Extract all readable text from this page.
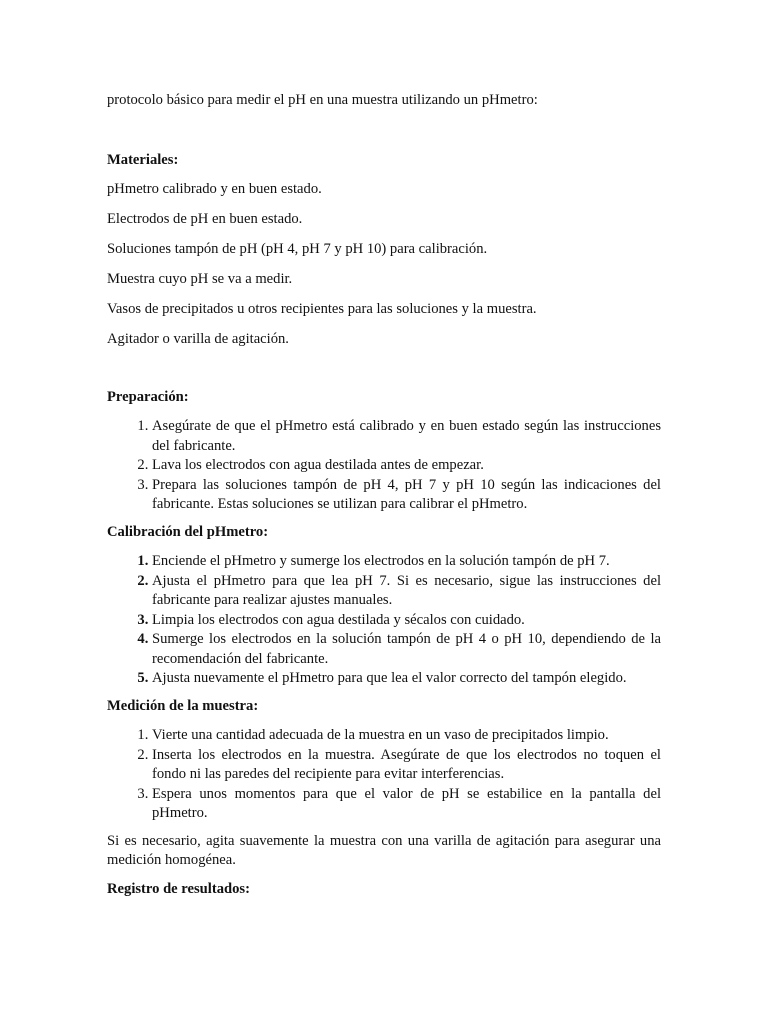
protocolo básico para medir el pH en una muestra utilizando un pHmetro:

Materiales:

pHmetro calibrado y en buen estado.

Electrodos de pH en buen estado.

Soluciones tampón de pH (pH 4, pH 7 y pH 10) para calibración.

Muestra cuyo pH se va a medir.

Vasos de precipitados u otros recipientes para las soluciones y la muestra.

Agitador o varilla de agitación.

Preparación:

1. Asegúrate de que el pHmetro está calibrado y en buen estado según las instrucciones del fabricante.
2. Lava los electrodos con agua destilada antes de empezar.
3. Prepara las soluciones tampón de pH 4, pH 7 y pH 10 según las indicaciones del fabricante. Estas soluciones se utilizan para calibrar el pHmetro.

Calibración del pHmetro:

1. Enciende el pHmetro y sumerge los electrodos en la solución tampón de pH 7.
2. Ajusta el pHmetro para que lea pH 7. Si es necesario, sigue las instrucciones del fabricante para realizar ajustes manuales.
3. Limpia los electrodos con agua destilada y sécalos con cuidado.
4. Sumerge los electrodos en la solución tampón de pH 4 o pH 10, dependiendo de la recomendación del fabricante.
5. Ajusta nuevamente el pHmetro para que lea el valor correcto del tampón elegido.

Medición de la muestra:

1. Vierte una cantidad adecuada de la muestra en un vaso de precipitados limpio.
2. Inserta los electrodos en la muestra. Asegúrate de que los electrodos no toquen el fondo ni las paredes del recipiente para evitar interferencias.
3. Espera unos momentos para que el valor de pH se estabilice en la pantalla del pHmetro.

Si es necesario, agita suavemente la muestra con una varilla de agitación para asegurar una medición homogénea.

Registro de resultados:
